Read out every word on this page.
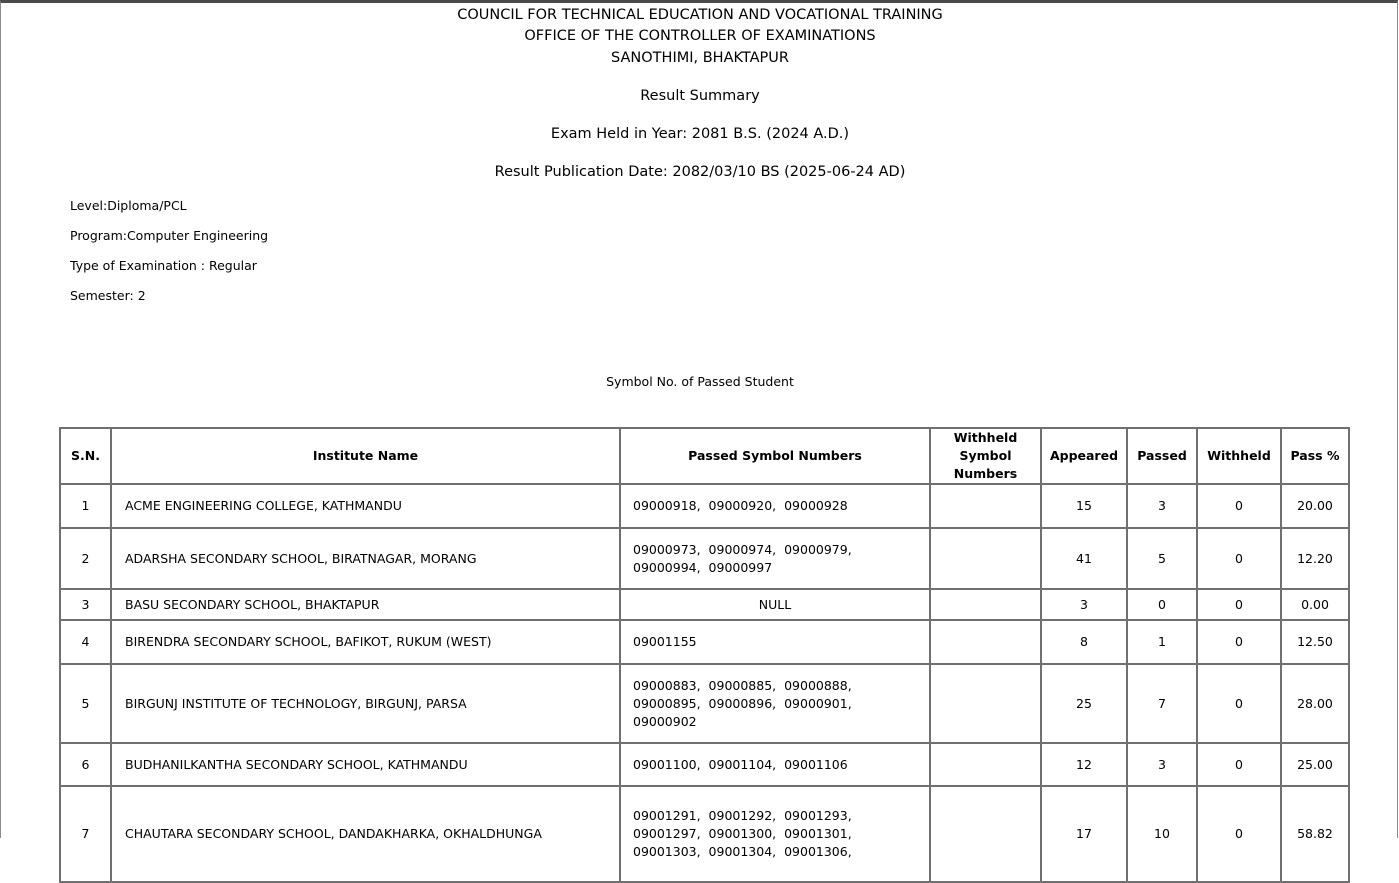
COUNCIL FOR TECHNICAL EDUCATION AND VOCATIONAL TRAINING
OFFICE OF THE CONTROLLER OF EXAMINATIONS
SANOTHIMI, BHAKTAPUR
Result Summary
Exam Held in Year: 2081 B.S. (2024 A.D.)
Result Publication Date: 2082/03/10 BS (2025-06-24 AD)
Level:Diploma/PCL
Program:Computer Engineering
Type of Examination : Regular
Semester: 2
Symbol No. of Passed Student
S.N.	Institute Name	Passed Symbol Numbers	Withheld Symbol
Numbers	Appeared	Passed	Withheld	Pass %
1	ACME ENGINEERING COLLEGE, KATHMANDU	09000918,  09000920,  09000928		15	3	0	20.00
2	ADARSHA SECONDARY SCHOOL, BIRATNAGAR, MORANG	09000973,  09000974,  09000979,
09000994,  09000997		41	5	0	12.20
3	BASU SECONDARY SCHOOL, BHAKTAPUR	NULL		3	0	0	0.00
4	BIRENDRA SECONDARY SCHOOL, BAFIKOT, RUKUM (WEST)	09001155		8	1	0	12.50
5	BIRGUNJ INSTITUTE OF TECHNOLOGY, BIRGUNJ, PARSA	09000883,  09000885,  09000888,
09000895,  09000896,  09000901,
09000902		25	7	0	28.00
6	BUDHANILKANTHA SECONDARY SCHOOL, KATHMANDU	09001100,  09001104,  09001106		12	3	0	25.00
7	CHAUTARA SECONDARY SCHOOL, DANDAKHARKA, OKHALDHUNGA	09001291,  09001292,  09001293,
09001297,  09001300,  09001301,
09001303,  09001304,  09001306,		17	10	0	58.82
